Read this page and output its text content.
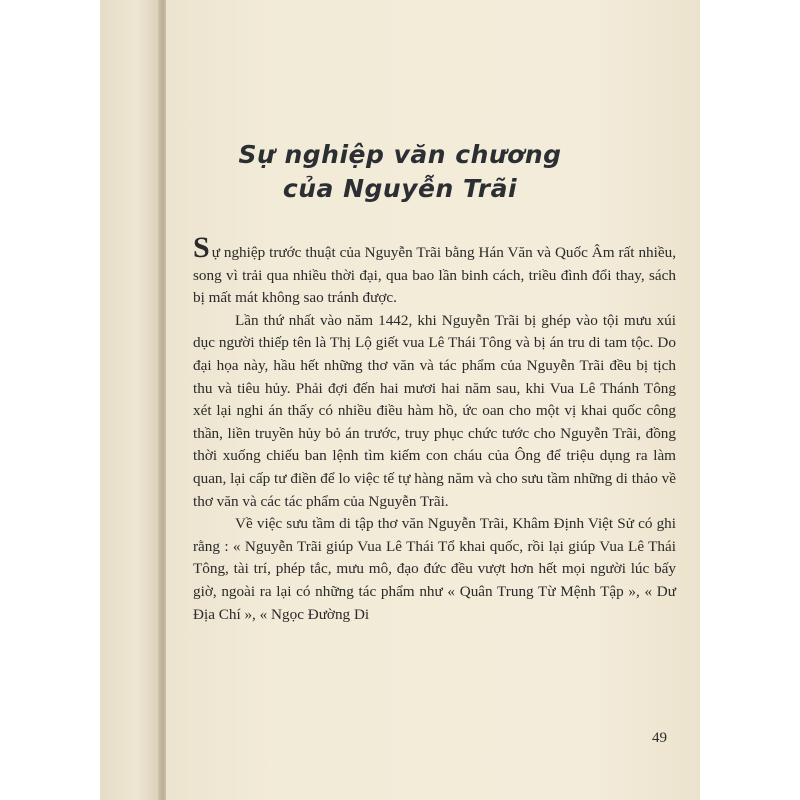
Sự nghiệp văn chương
của Nguyễn Trãi

Sự nghiệp trước thuật của Nguyễn Trãi bằng Hán Văn và Quốc Âm rất nhiều, song vì trải qua nhiều thời đại, qua bao lần binh cách, triều đình đổi thay, sách bị mất mát không sao tránh được.

Lần thứ nhất vào năm 1442, khi Nguyễn Trãi bị ghép vào tội mưu xúi dục người thiếp tên là Thị Lộ giết vua Lê Thái Tông và bị án tru di tam tộc. Do đại họa này, hầu hết những thơ văn và tác phẩm của Nguyễn Trãi đều bị tịch thu và tiêu hủy. Phải đợi đến hai mươi hai năm sau, khi Vua Lê Thánh Tông xét lại nghi án thấy có nhiều điều hàm hồ, ức oan cho một vị khai quốc công thần, liền truyền hủy bỏ án trước, truy phục chức tước cho Nguyễn Trãi, đồng thời xuống chiếu ban lệnh tìm kiếm con cháu của Ông để triệu dụng ra làm quan, lại cấp tư điền để lo việc tế tự hàng năm và cho sưu tầm những di thảo về thơ văn và các tác phẩm của Nguyễn Trãi.

Về việc sưu tầm di tập thơ văn Nguyễn Trãi, Khâm Định Việt Sử có ghi rằng : « Nguyễn Trãi giúp Vua Lê Thái Tổ khai quốc, rồi lại giúp Vua Lê Thái Tông, tài trí, phép tắc, mưu mô, đạo đức đều vượt hơn hết mọi người lúc bấy giờ, ngoài ra lại có những tác phẩm như « Quân Trung Từ Mệnh Tập », « Dư Địa Chí », « Ngọc Đường Di

49
